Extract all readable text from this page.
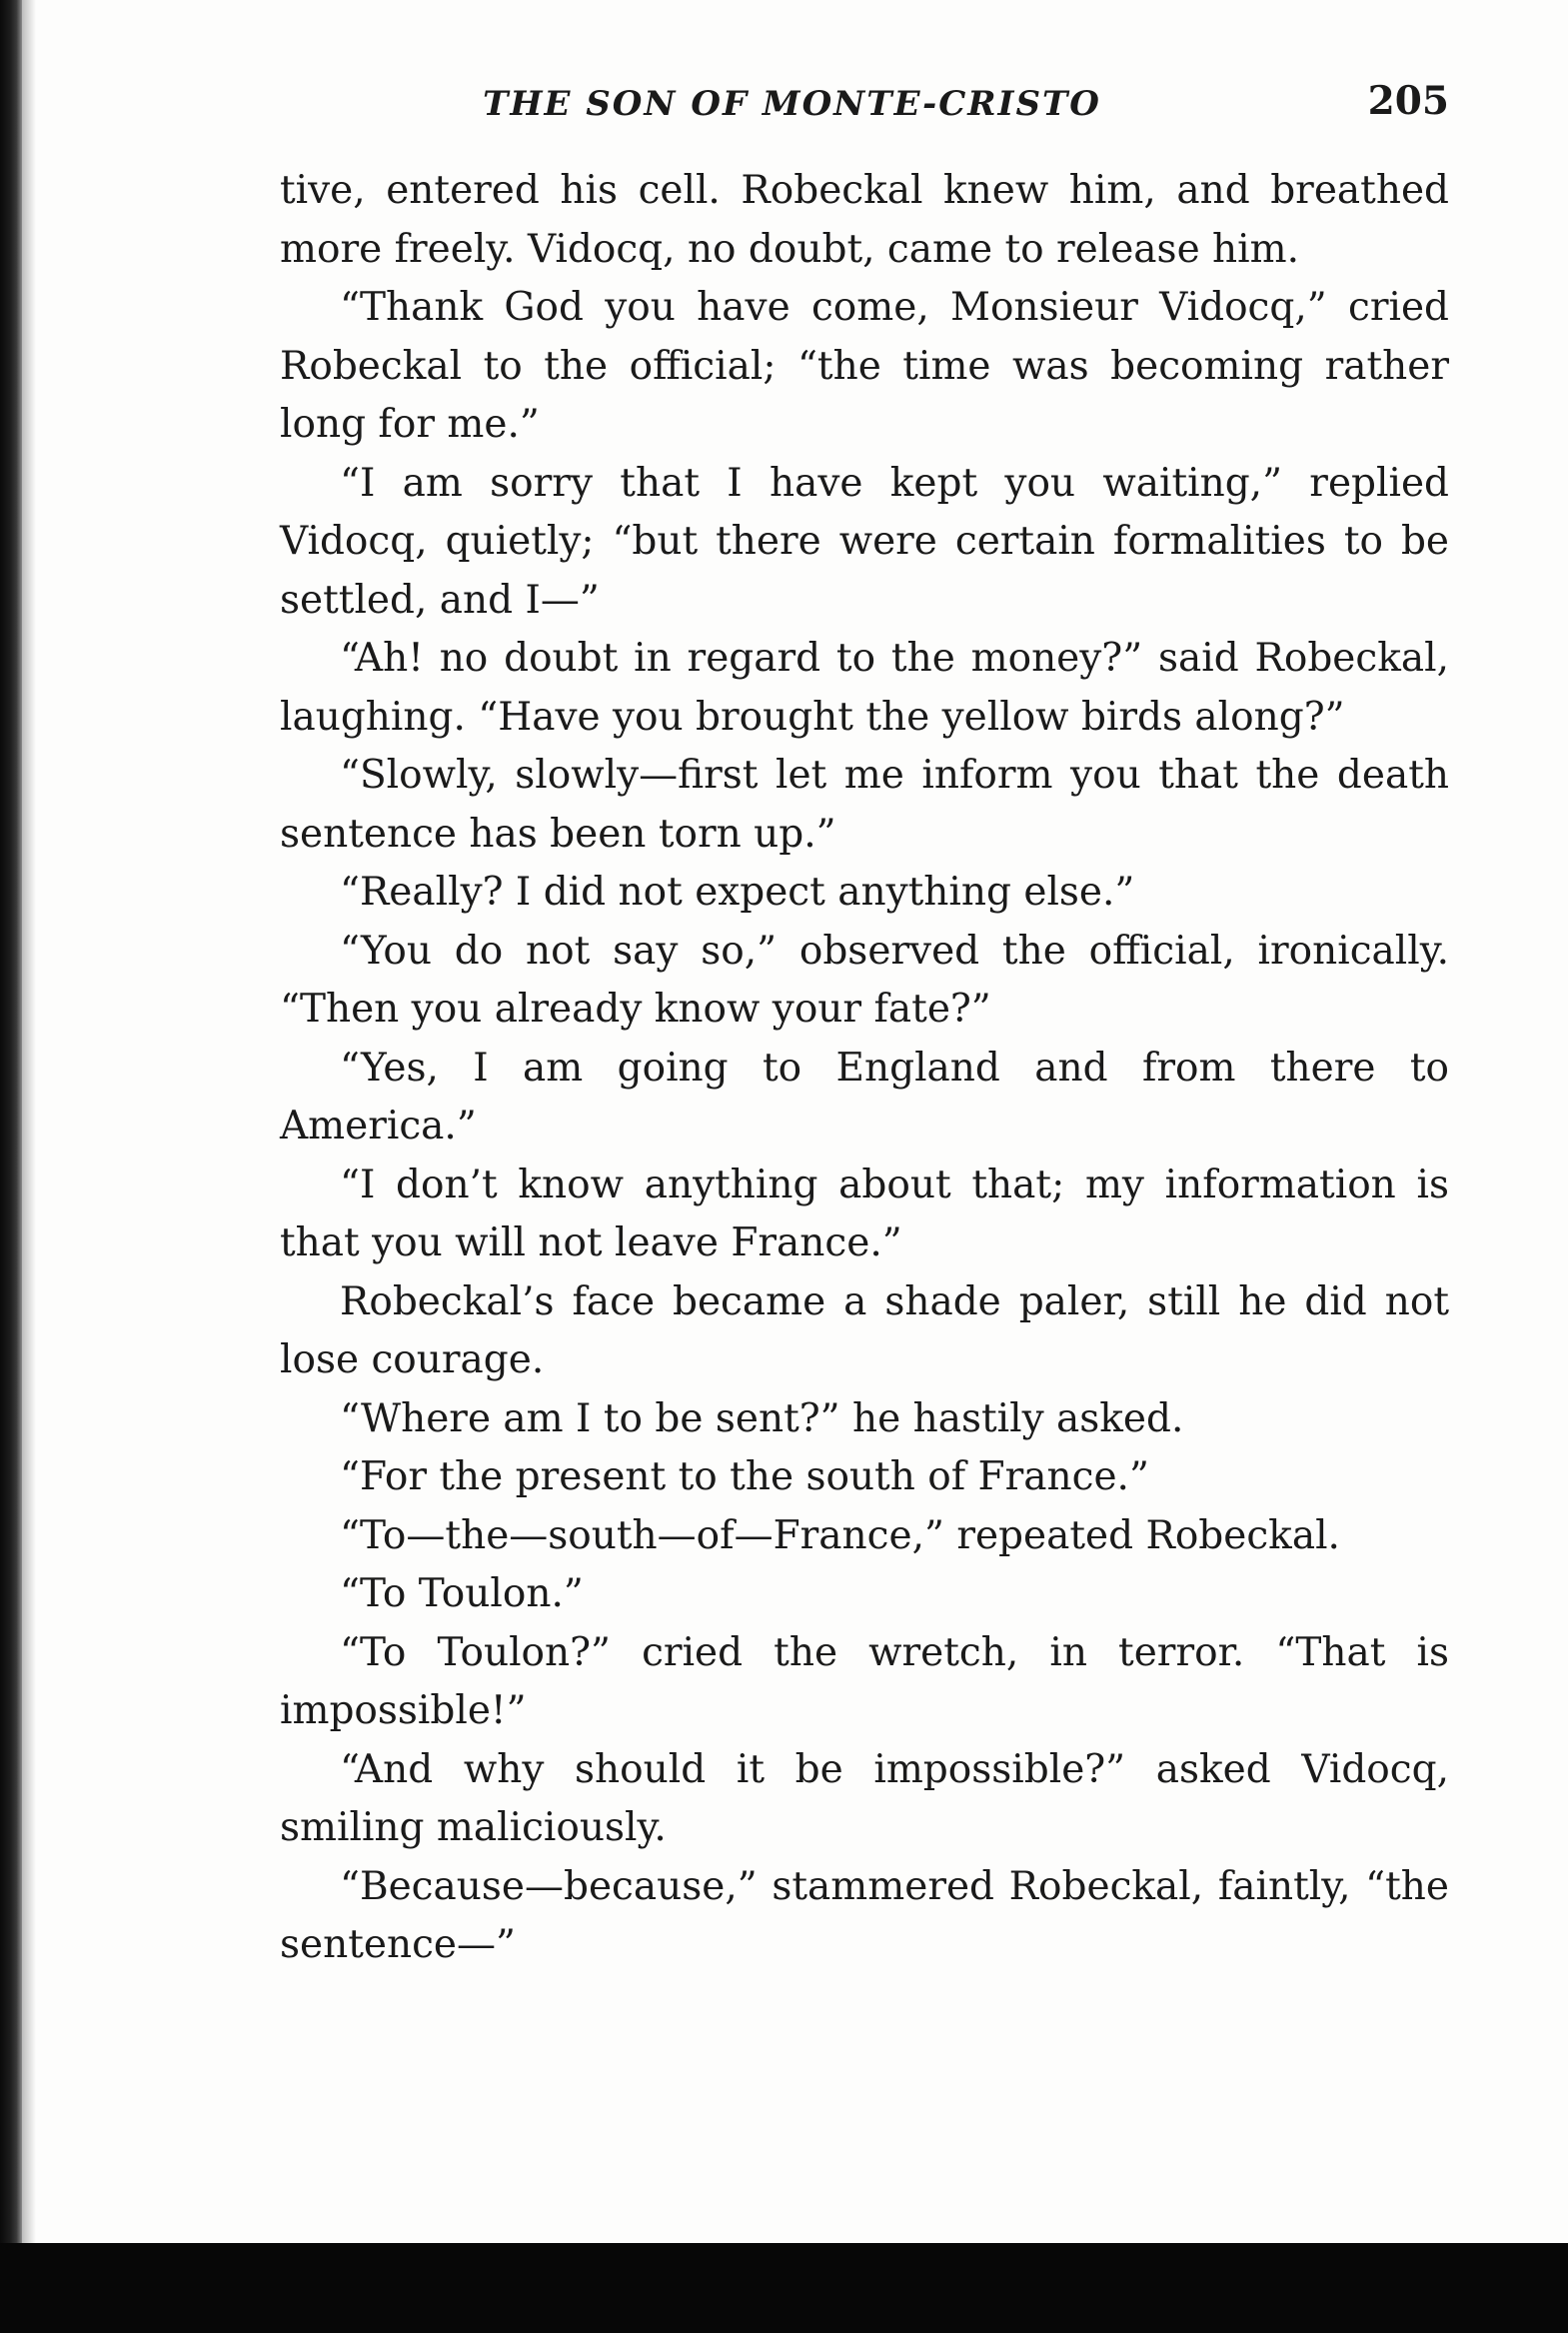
THE SON OF MONTE-CRISTO	205

tive, entered his cell. Robeckal knew him, and breathed more freely. Vidocq, no doubt, came to release him.

“Thank God you have come, Monsieur Vidocq,” cried Robeckal to the official; “the time was becoming rather long for me.”

“I am sorry that I have kept you waiting,” replied Vidocq, quietly; “but there were certain formalities to be settled, and I—”

“Ah! no doubt in regard to the money?” said Robeckal, laughing. “Have you brought the yellow birds along?”

“Slowly, slowly—first let me inform you that the death sentence has been torn up.”

“Really? I did not expect anything else.”

“You do not say so,” observed the official, ironically. “Then you already know your fate?”

“Yes, I am going to England and from there to America.”

“I don’t know anything about that; my information is that you will not leave France.”

Robeckal’s face became a shade paler, still he did not lose courage.

“Where am I to be sent?” he hastily asked.

“For the present to the south of France.”

“To—the—south—of—France,” repeated Robeckal.

“To Toulon.”

“To Toulon?” cried the wretch, in terror. “That is impossible!”

“And why should it be impossible?” asked Vidocq, smiling maliciously.

“Because—because,” stammered Robeckal, faintly, “the sentence—”
